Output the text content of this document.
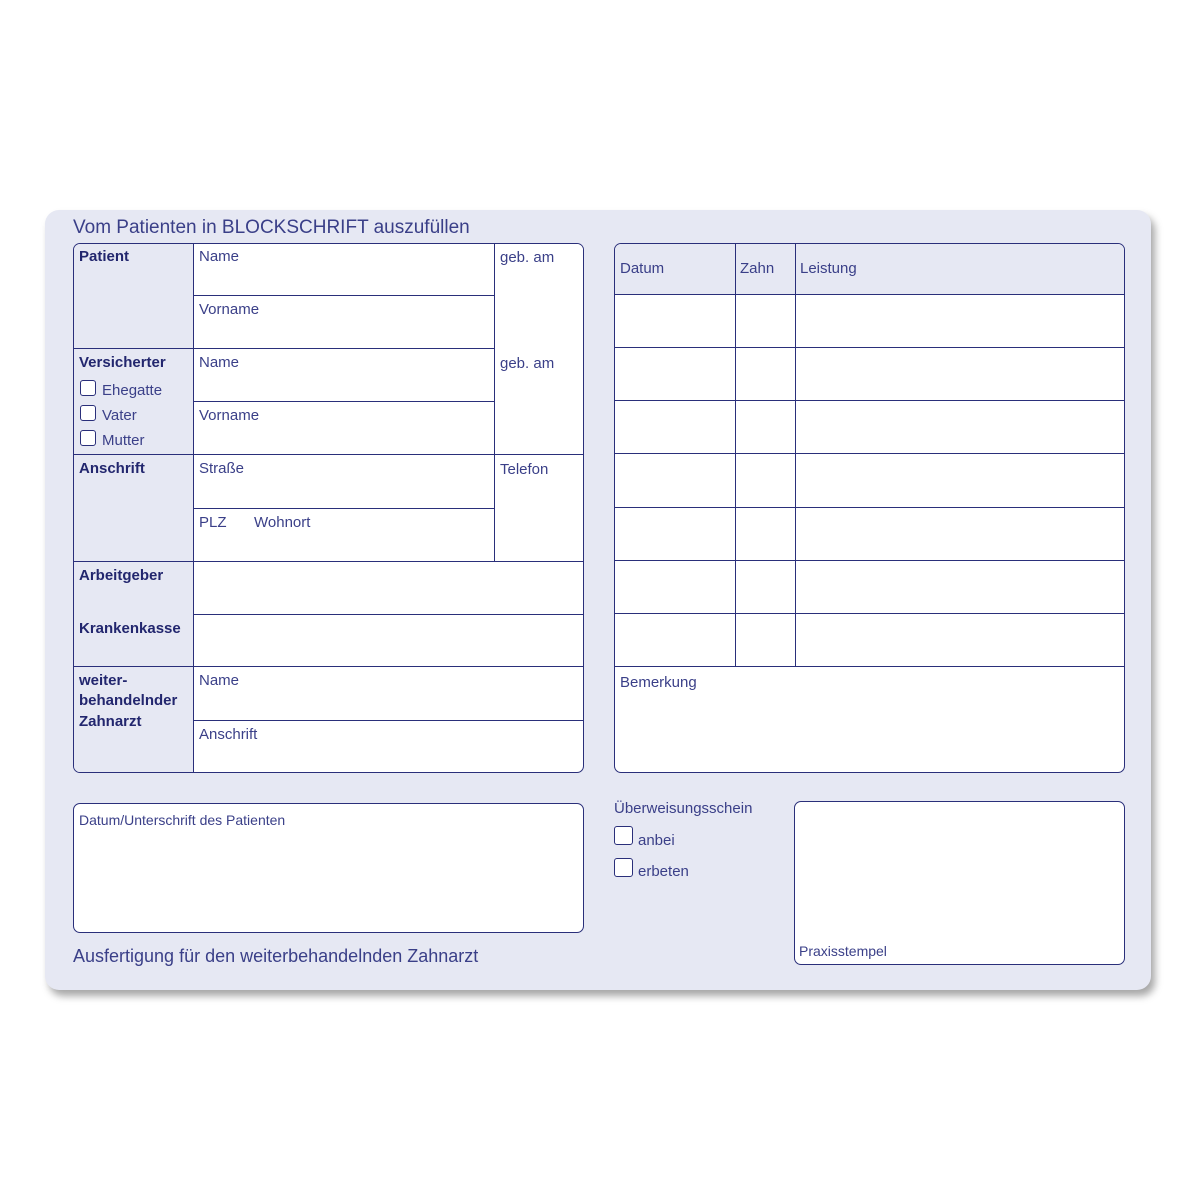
Vom Patienten in BLOCKSCHRIFT auszufüllen
Patient
Versicherter
Ehegatte
Vater
Mutter
Anschrift
Arbeitgeber
Krankenkasse
weiter-
behandelnder
Zahnarzt
Name
Vorname
geb. am
Name
Vorname
geb. am
Straße
PLZ Wohnort
Telefon
Name
Anschrift
Datum	Zahn Leistung
Bemerkung
Datum/Unterschrift des Patienten
Überweisungsschein
anbei
erbeten
Praxisstempel
Ausfertigung für den weiterbehandelnden Zahnarzt
